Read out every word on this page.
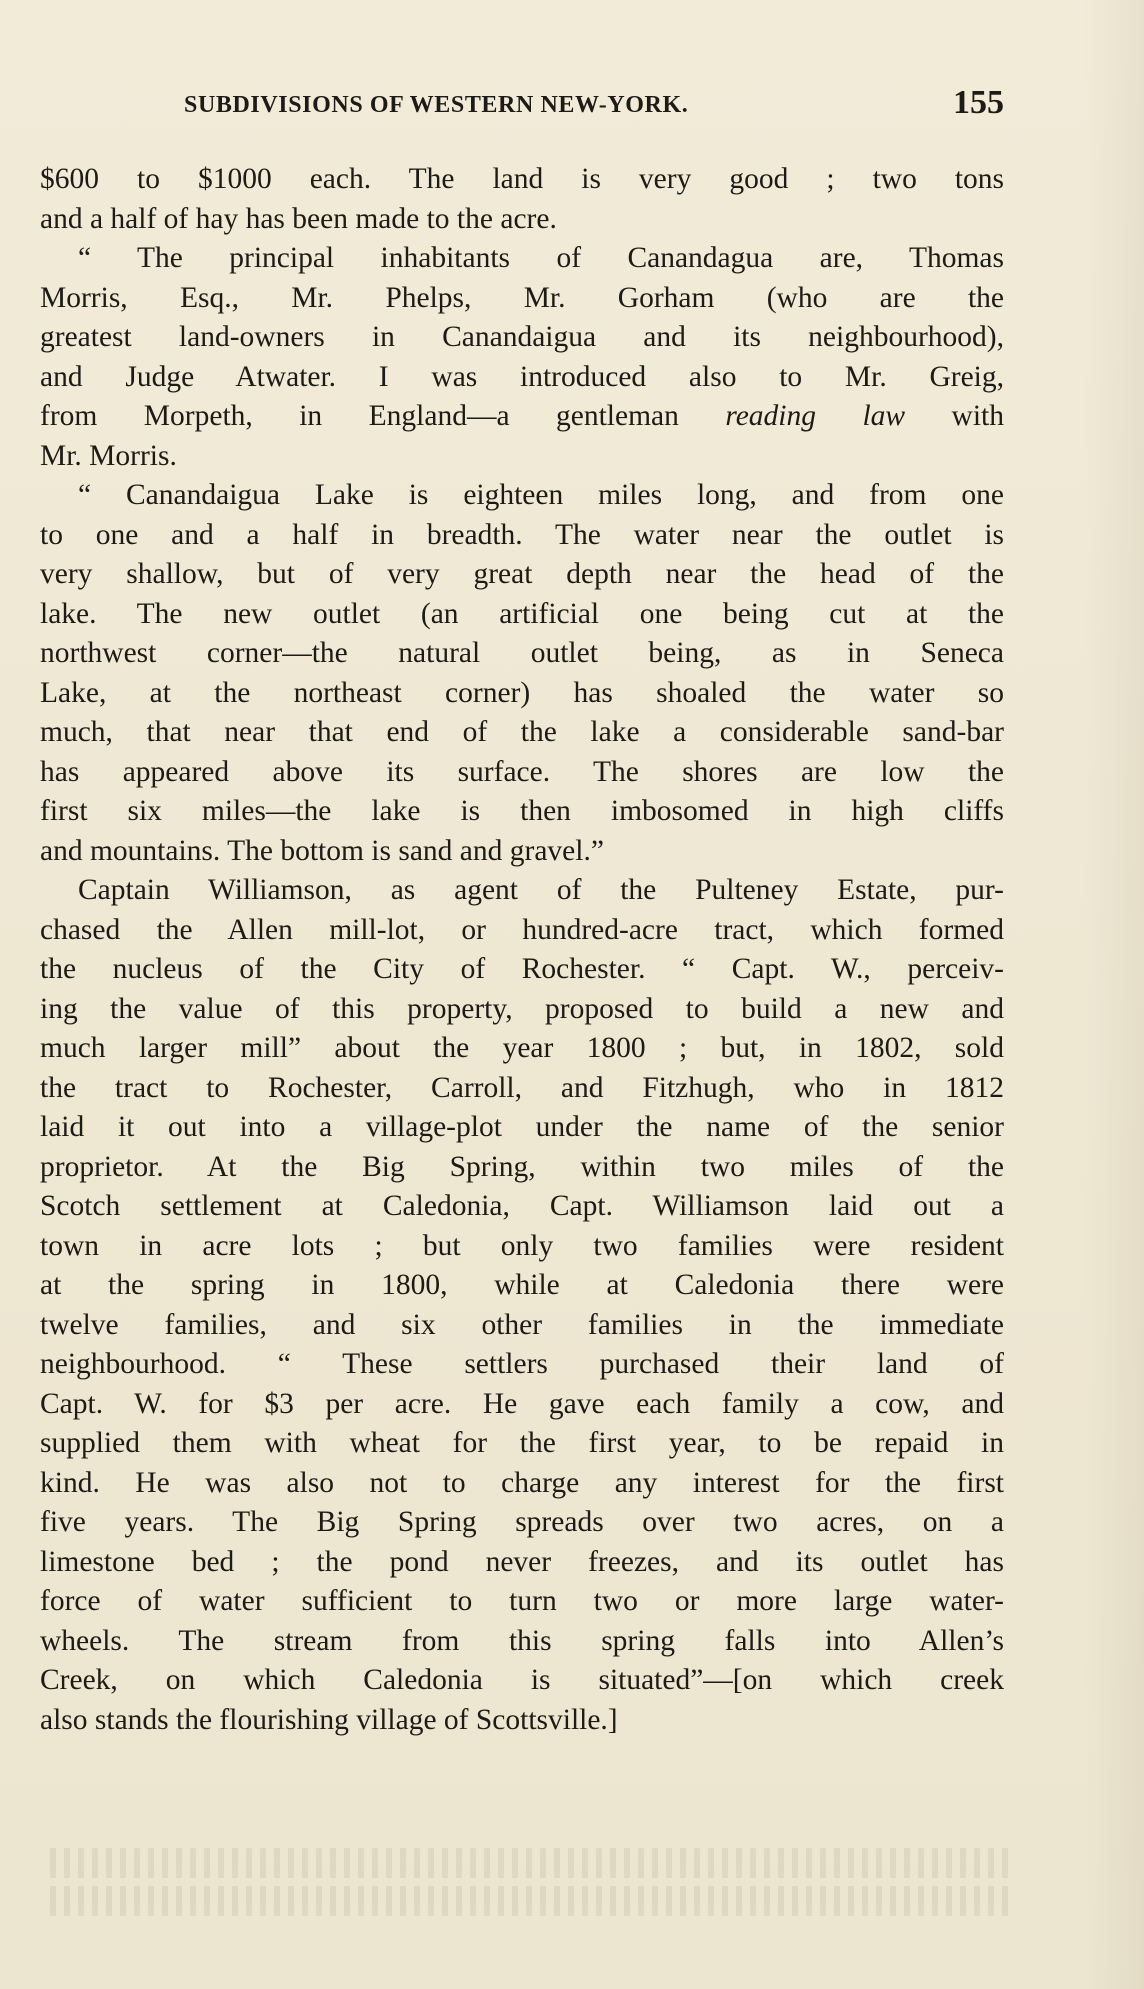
SUBDIVISIONS OF WESTERN NEW-YORK.	155
$600 to $1000 each. The land is very good ; two tons
and a half of hay has been made to the acre.
“ The principal inhabitants of Canandagua are, Thomas
Morris, Esq., Mr. Phelps, Mr. Gorham (who are the
greatest land-owners in Canandaigua and its neighbourhood),
and Judge Atwater. I was introduced also to Mr. Greig,
from Morpeth, in England—a gentleman reading law with
Mr. Morris.
“ Canandaigua Lake is eighteen miles long, and from one
to one and a half in breadth. The water near the outlet is
very shallow, but of very great depth near the head of the
lake. The new outlet (an artificial one being cut at the
northwest corner—the natural outlet being, as in Seneca
Lake, at the northeast corner) has shoaled the water so
much, that near that end of the lake a considerable sand-bar
has appeared above its surface. The shores are low the
first six miles—the lake is then imbosomed in high cliffs
and mountains. The bottom is sand and gravel.”
Captain Williamson, as agent of the Pulteney Estate, pur-
chased the Allen mill-lot, or hundred-acre tract, which formed
the nucleus of the City of Rochester. “ Capt. W., perceiv-
ing the value of this property, proposed to build a new and
much larger mill” about the year 1800 ; but, in 1802, sold
the tract to Rochester, Carroll, and Fitzhugh, who in 1812
laid it out into a village-plot under the name of the senior
proprietor. At the Big Spring, within two miles of the
Scotch settlement at Caledonia, Capt. Williamson laid out a
town in acre lots ; but only two families were resident
at the spring in 1800, while at Caledonia there were
twelve families, and six other families in the immediate
neighbourhood. “ These settlers purchased their land of
Capt. W. for $3 per acre. He gave each family a cow, and
supplied them with wheat for the first year, to be repaid in
kind. He was also not to charge any interest for the first
five years. The Big Spring spreads over two acres, on a
limestone bed ; the pond never freezes, and its outlet has
force of water sufficient to turn two or more large water-
wheels. The stream from this spring falls into Allen’s
Creek, on which Caledonia is situated”—[on which creek
also stands the flourishing village of Scottsville.]
